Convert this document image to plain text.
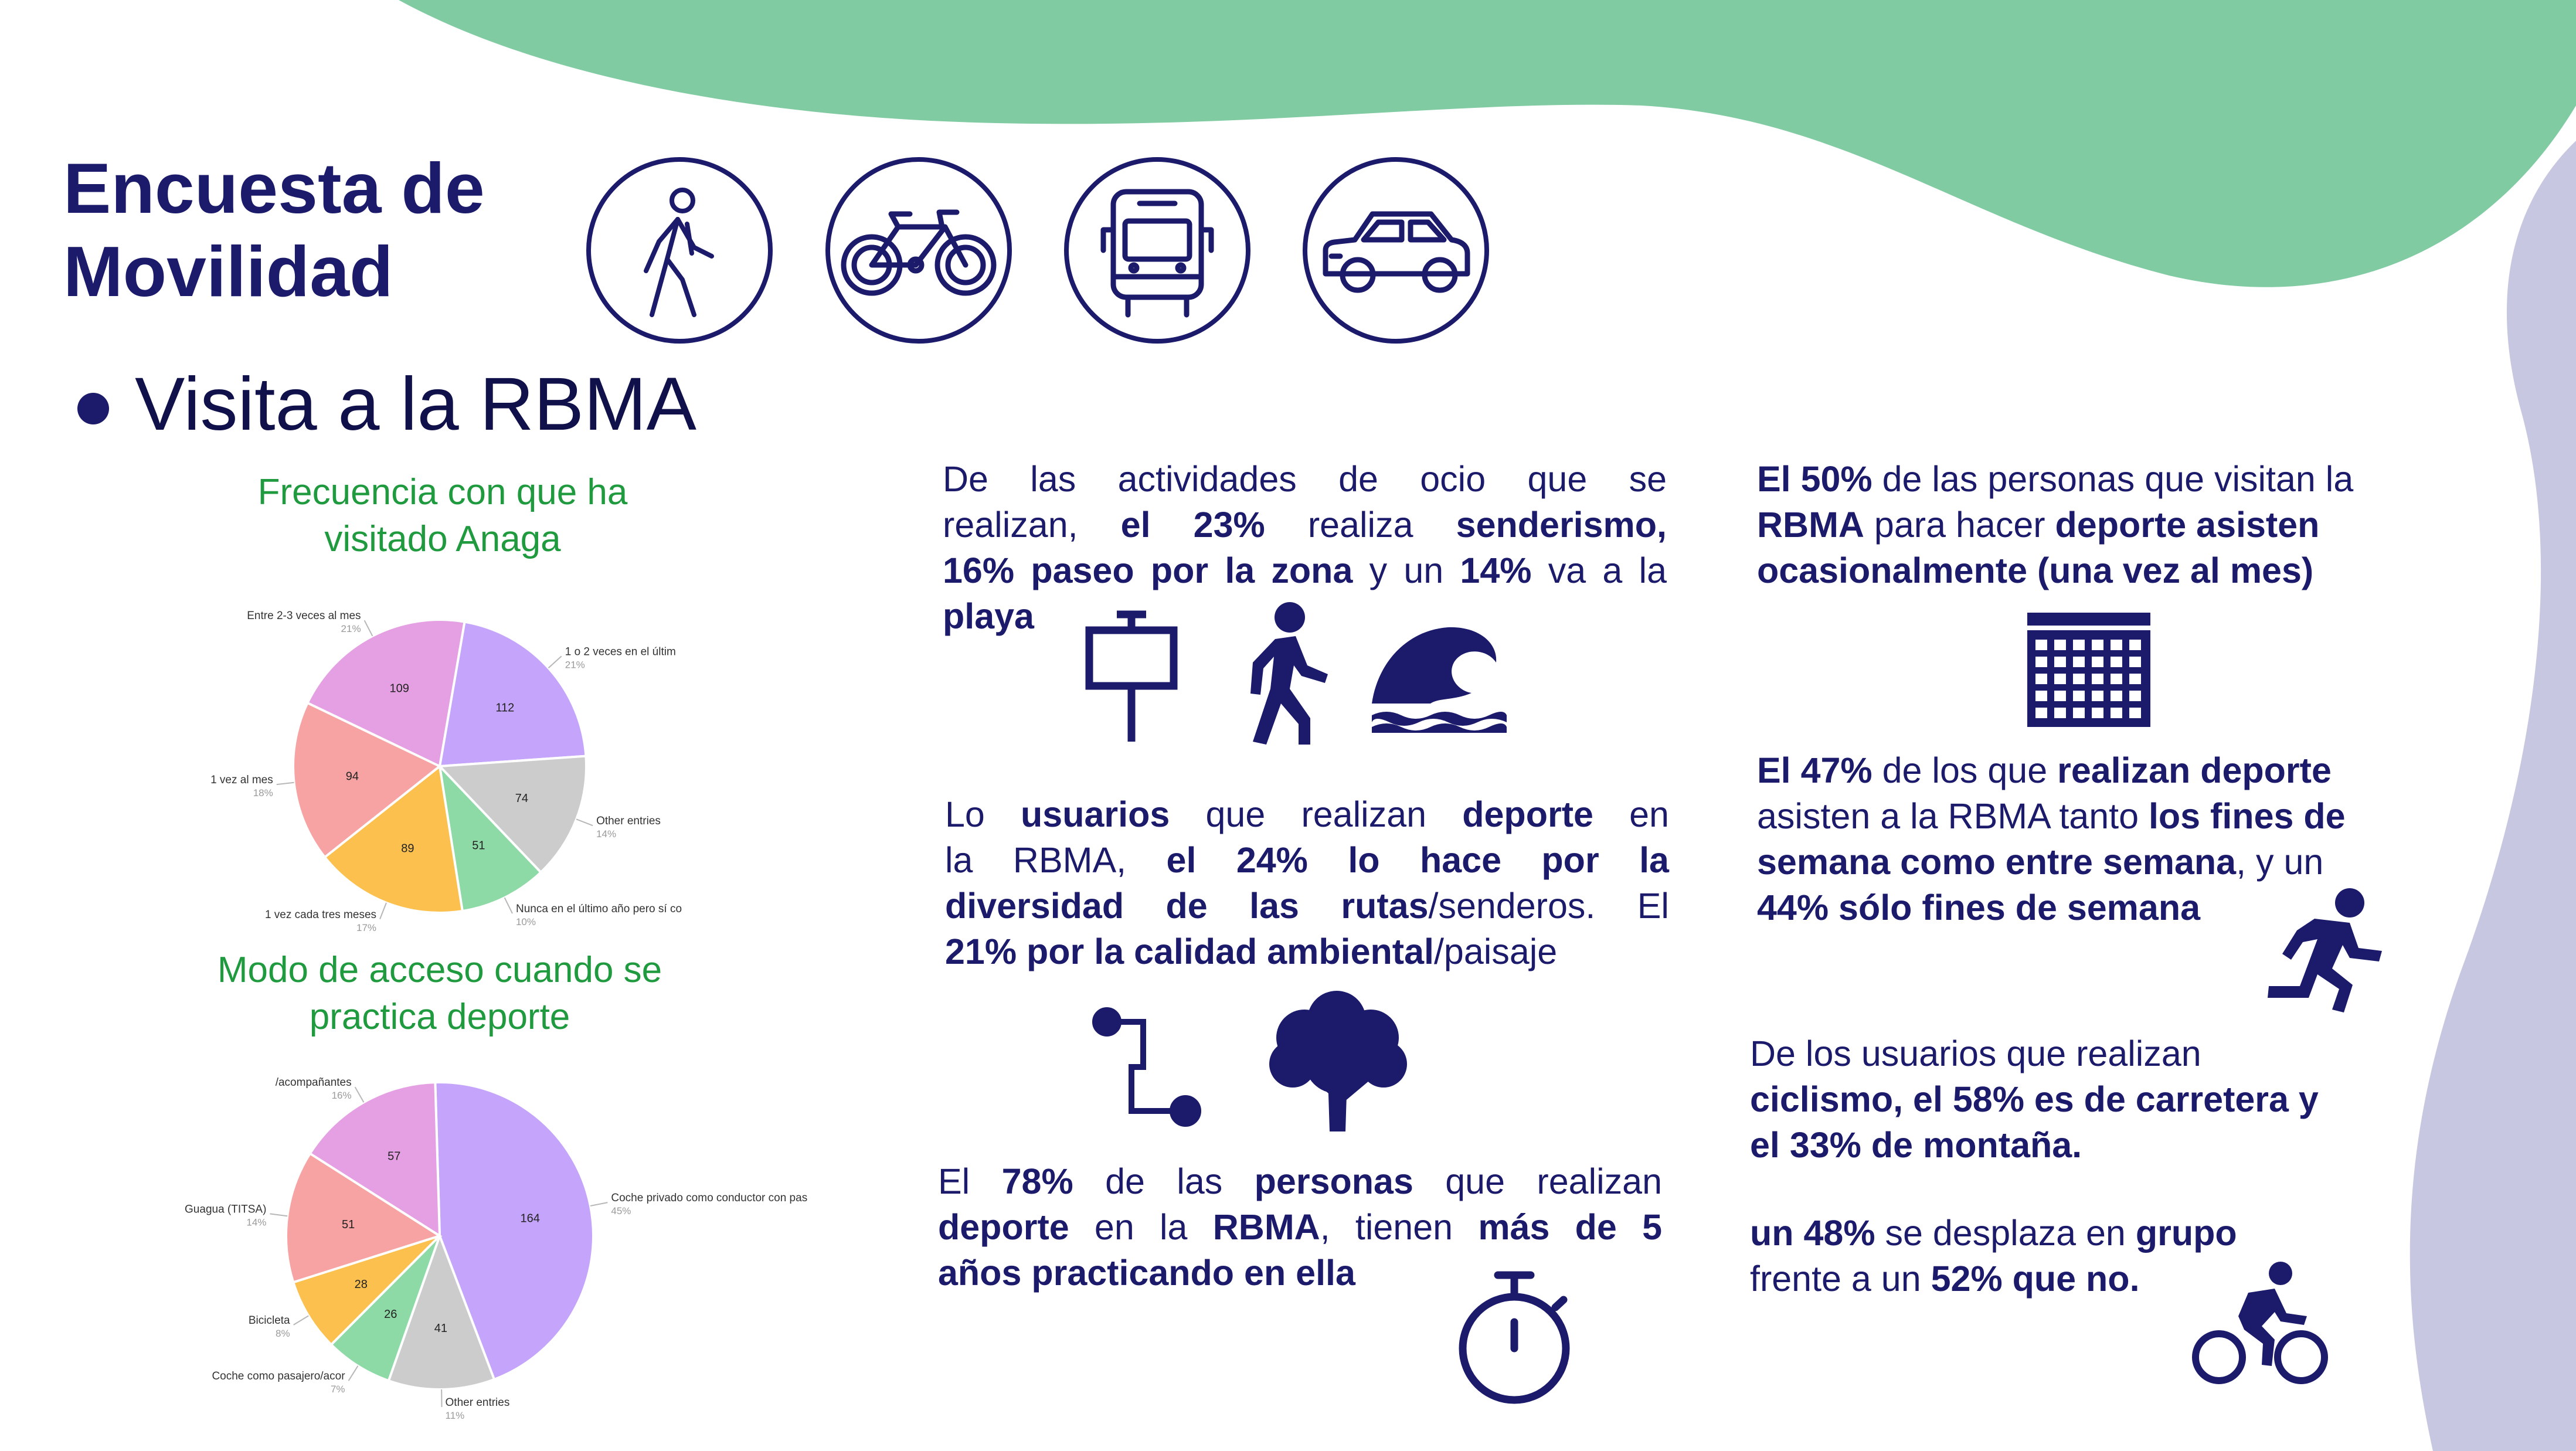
Encuesta de
Movilidad
Visita a la RBMA
Frecuencia con que ha
visitado Anaga
112
1 o 2 veces en el últim
21%
74
Other entries
14%
51
Nunca en el último año pero sí co
10%
89
1 vez cada tres meses
17%
94
1 vez al mes
18%
109
Entre 2-3 veces al mes
21%
Modo de acceso cuando se
practica deporte
164
Coche privado como conductor con pas
45%
41
Other entries
11%
26
Coche como pasajero/acor
7%
28
Bicicleta
8%
51
Guagua (TITSA)
14%
57
/acompañantes
16%
De las actividades de ocio que se
realizan, el 23% realiza senderismo,
16% paseo por la zona y un 14% va a la
playa
Lo usuarios que realizan deporte en
la RBMA, el 24% lo hace por la
diversidad de las rutas/senderos. El
21% por la calidad ambiental/paisaje
El 78% de las personas que realizan
deporte en la RBMA, tienen más de 5
años practicando en ella
El 50% de las personas que visitan la
RBMA para hacer deporte asisten
ocasionalmente (una vez al mes)
El 47% de los que realizan deporte
asisten a la RBMA tanto los fines de
semana como entre semana, y un
44% sólo fines de semana
De los usuarios que realizan
ciclismo, el 58% es de carretera y
el 33% de montaña.
un 48% se desplaza en grupo
frente a un 52% que no.
